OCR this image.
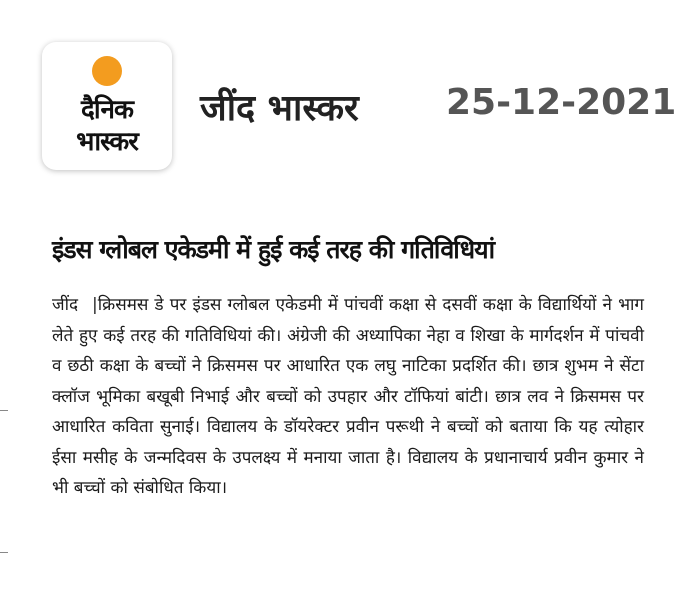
दैनिक
भास्कर
जींद भास्कर 25-12-2021
इंडस ग्लोबल एकेडमी में हुई कई तरह की गतिविधियां
जींद |क्रिसमस डे पर इंडस ग्लोबल एकेडमी में पांचवीं कक्षा से दसवीं कक्षा के विद्यार्थियों ने भाग लेते हुए कई तरह की गतिविधियां की। अंग्रेजी की अध्यापिका नेहा व शिखा के मार्गदर्शन में पांचवी व छठी कक्षा के बच्चों ने क्रिसमस पर आधारित एक लघु नाटिका प्रदर्शित की। छात्र शुभम ने सेंटा क्लॉज भूमिका बखूबी निभाई और बच्चों को उपहार और टॉफियां बांटी। छात्र लव ने क्रिसमस पर आधारित कविता सुनाई। विद्यालय के डॉयरेक्टर प्रवीन परूथी ने बच्चों को बताया कि यह त्योहार ईसा मसीह के जन्मदिवस के उपलक्ष्य में मनाया जाता है। विद्यालय के प्रधानाचार्य प्रवीन कुमार ने भी बच्चों को संबोधित किया।
